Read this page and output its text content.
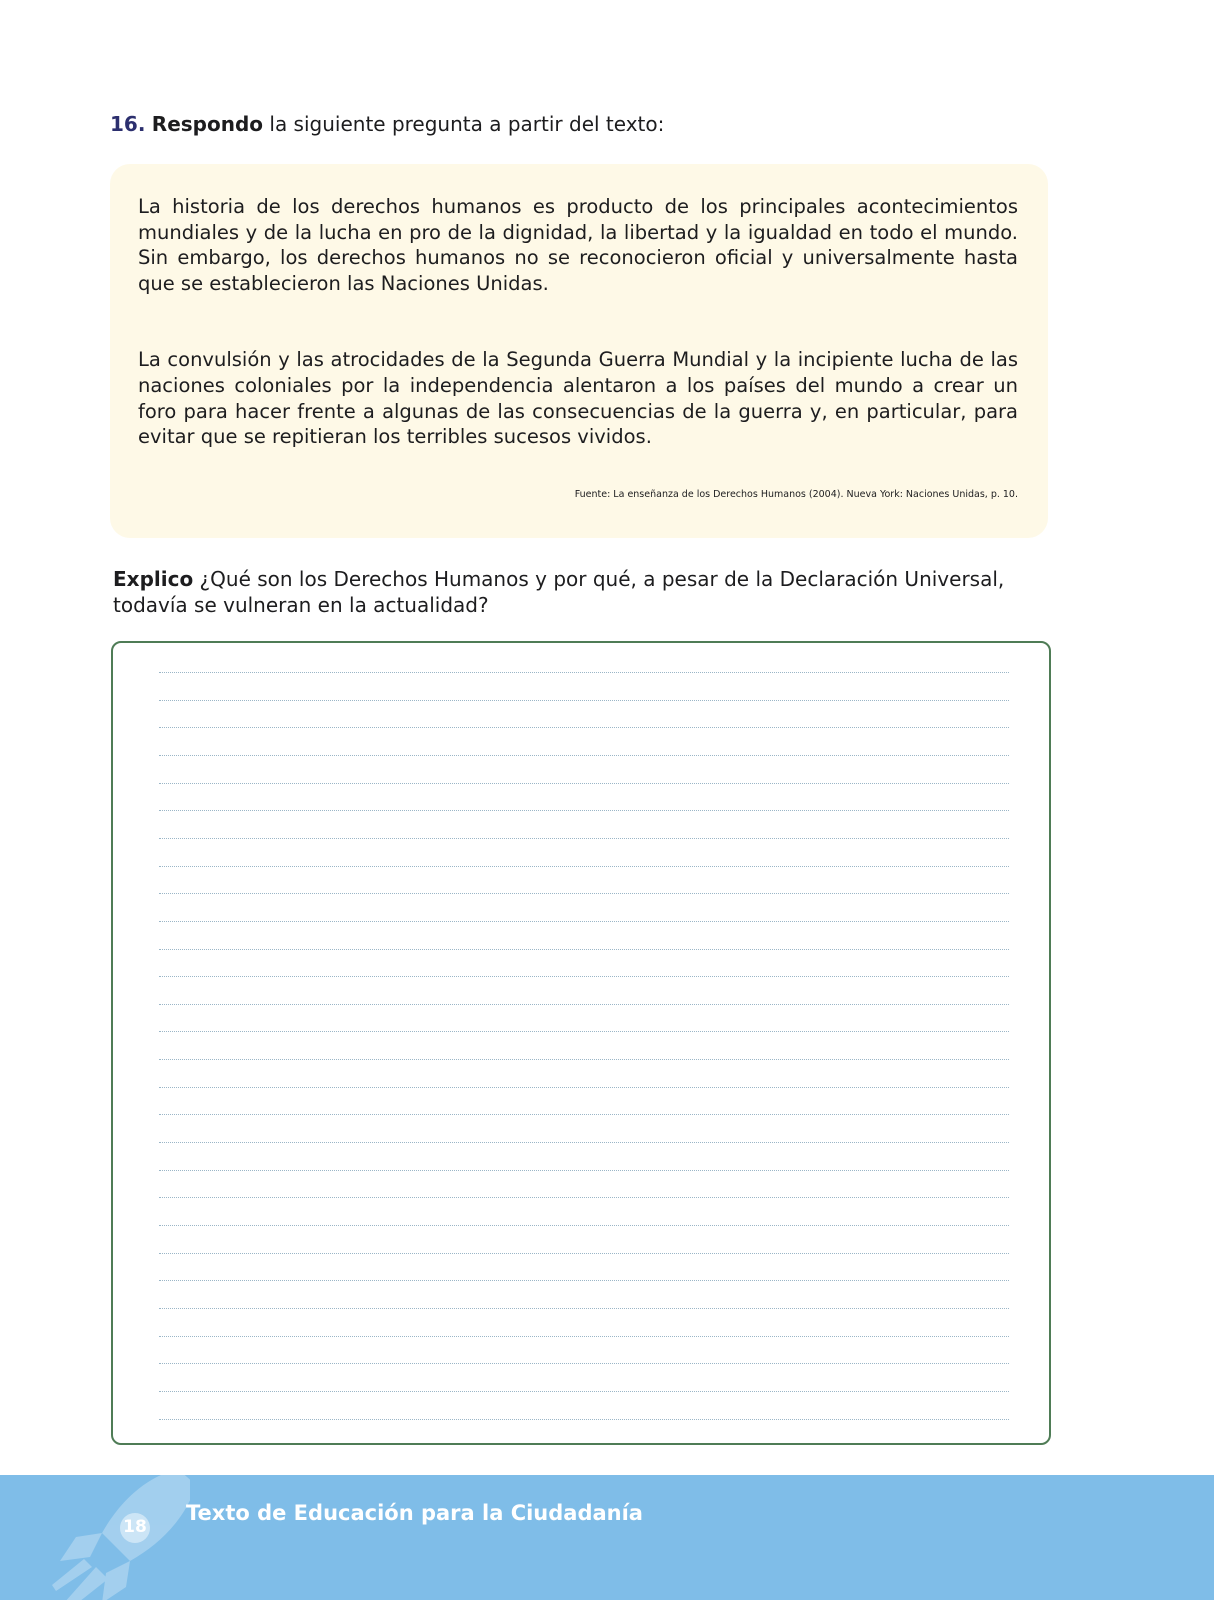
16. Respondo la siguiente pregunta a partir del texto:

La historia de los derechos humanos es producto de los principales acontecimientos mundiales y de la lucha en pro de la dignidad, la libertad y la igualdad en todo el mundo. Sin embargo, los derechos humanos no se reconocieron oficial y universalmente hasta que se establecieron las Naciones Unidas.

La convulsión y las atrocidades de la Segunda Guerra Mundial y la incipiente lucha de las naciones coloniales por la independencia alentaron a los países del mundo a crear un foro para hacer frente a algunas de las consecuencias de la guerra y, en particular, para evitar que se repitieran los terribles sucesos vividos.

Fuente: La enseñanza de los Derechos Humanos (2004). Nueva York: Naciones Unidas, p. 10.
Explico ¿Qué son los Derechos Humanos y por qué, a pesar de la Declaración Universal, todavía se vulneran en la actualidad?
18
Texto de Educación para la Ciudadanía
